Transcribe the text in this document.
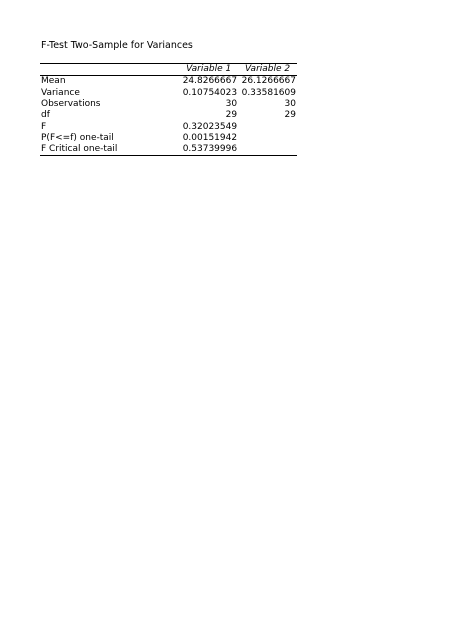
F-Test Two-Sample for Variances
	Variable 1	Variable 2
Mean	24.8266667	26.1266667
Variance	0.10754023	0.33581609
Observations	30	30
df	29	29
F	0.32023549	
P(F<=f) one-tail	0.00151942	
F Critical one-tail	0.53739996	
